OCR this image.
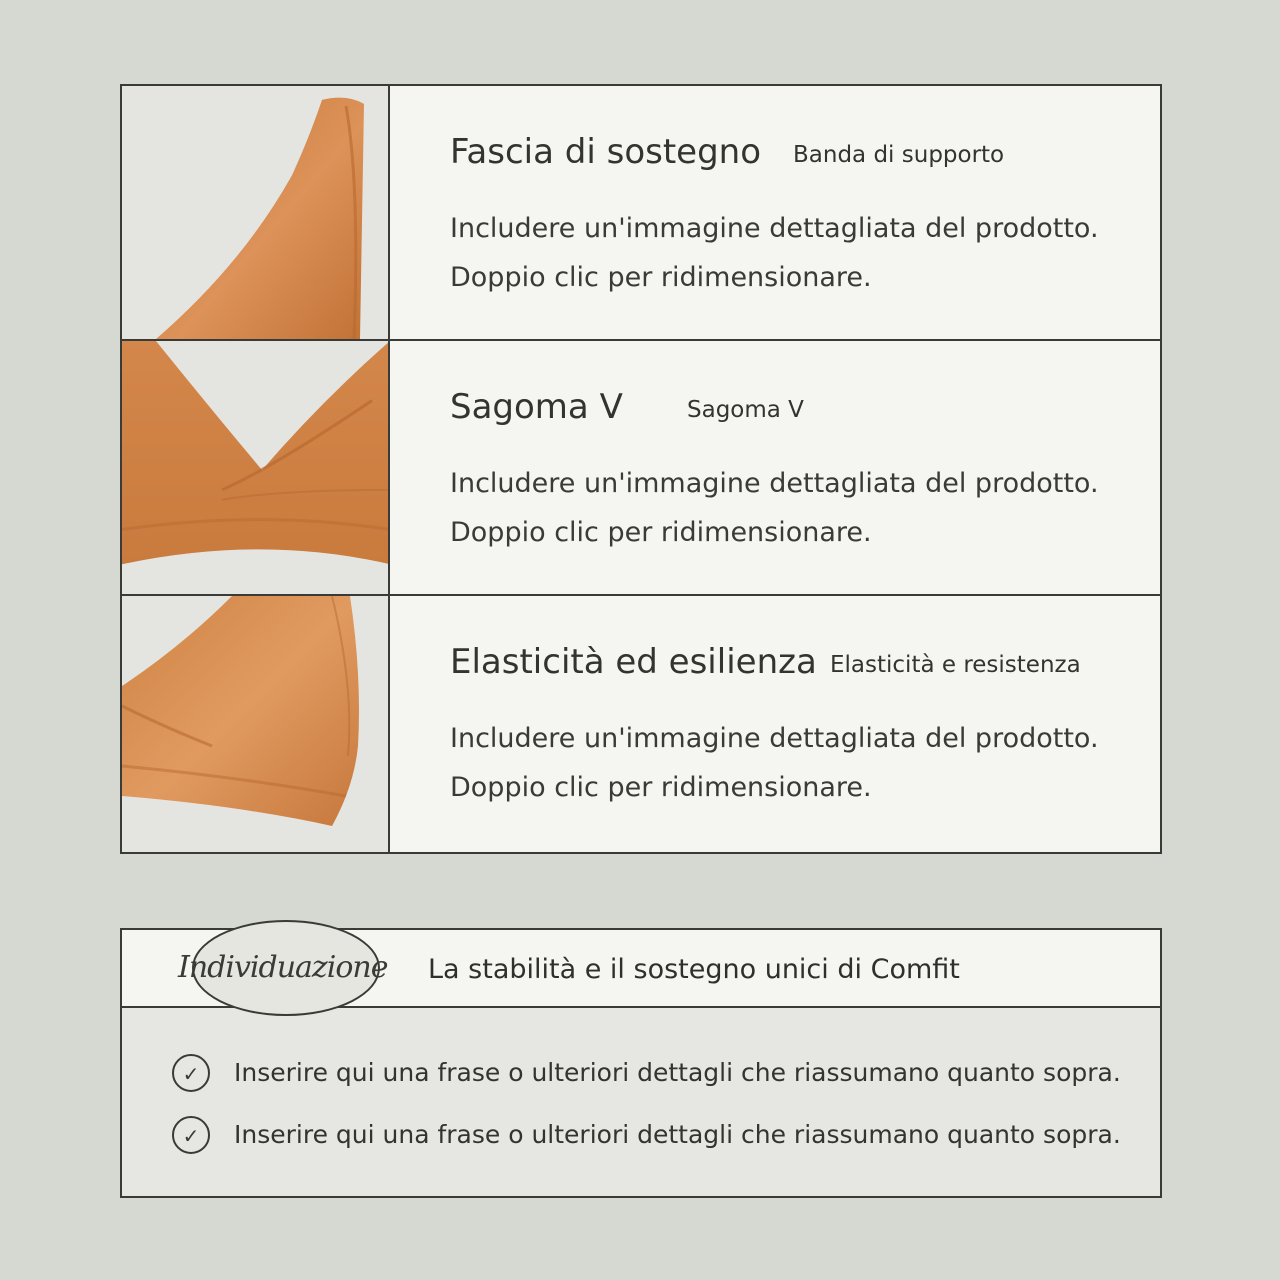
Fascia di sostegno Banda di supporto
Includere un'immagine dettagliata del prodotto.
Doppio clic per ridimensionare.
Sagoma V	Sagoma V
Includere un'immagine dettagliata del prodotto.
Doppio clic per ridimensionare.
Elasticità ed esilienza Elasticità e resistenza
Includere un'immagine dettagliata del prodotto.
Doppio clic per ridimensionare.
Individuazione La stabilità e il sostegno unici di Comfit
✓	Inserire qui una frase o ulteriori dettagli che riassumano quanto sopra.
✓	Inserire qui una frase o ulteriori dettagli che riassumano quanto sopra.
